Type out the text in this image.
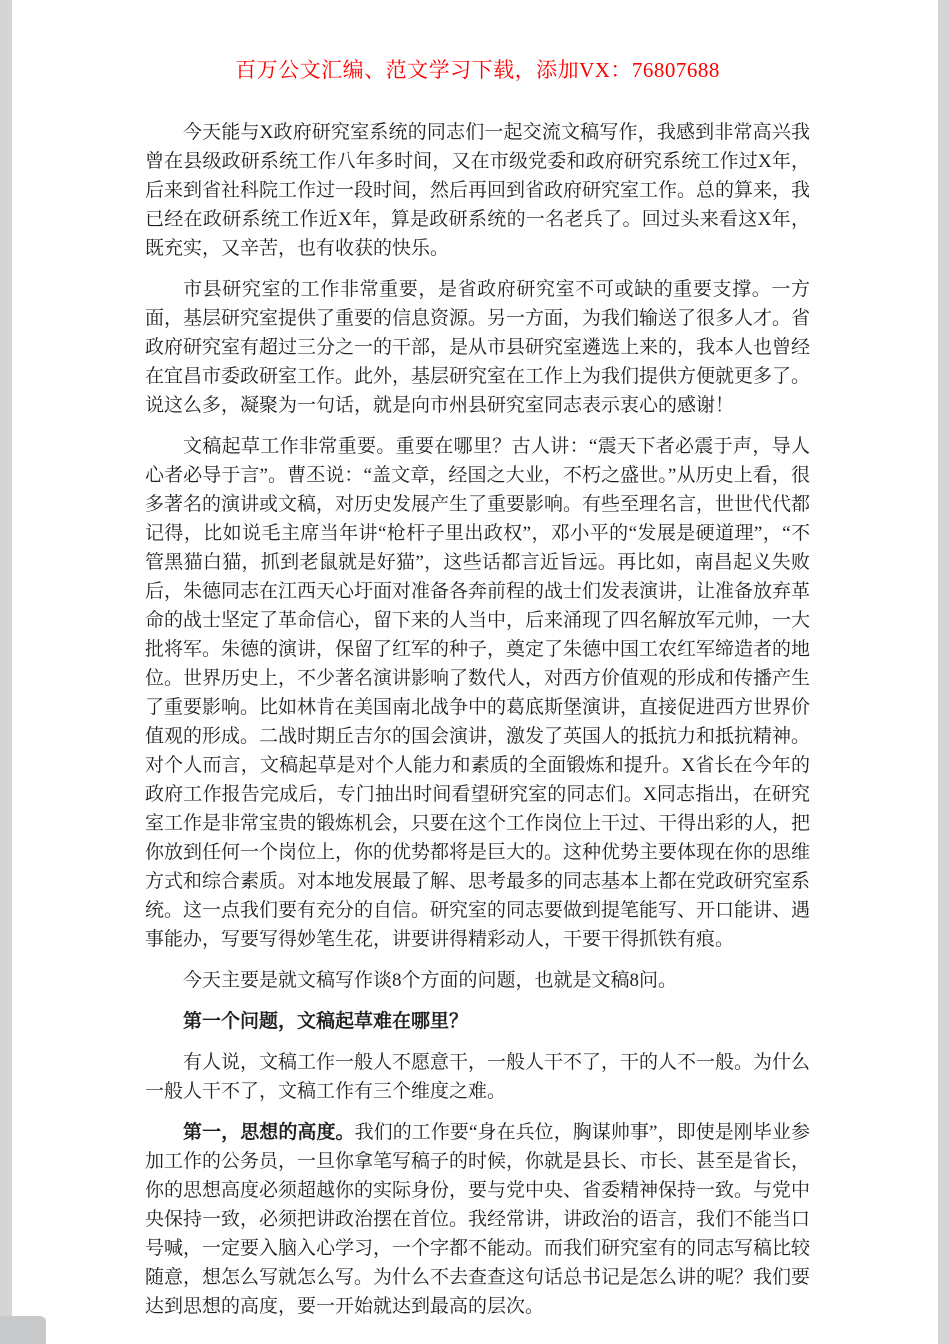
百万公文汇编、范文学习下载，添加VX：76807688

今天能与X政府研究室系统的同志们一起交流文稿写作，我感到非常高兴我曾在县级政研系统工作八年多时间，又在市级党委和政府研究系统工作过X年，后来到省社科院工作过一段时间，然后再回到省政府研究室工作。总的算来，我已经在政研系统工作近X年，算是政研系统的一名老兵了。回过头来看这X年，既充实，又辛苦，也有收获的快乐。

市县研究室的工作非常重要，是省政府研究室不可或缺的重要支撑。一方面，基层研究室提供了重要的信息资源。另一方面，为我们输送了很多人才。省政府研究室有超过三分之一的干部，是从市县研究室遴选上来的，我本人也曾经在宜昌市委政研室工作。此外，基层研究室在工作上为我们提供方便就更多了。说这么多，凝聚为一句话，就是向市州县研究室同志表示衷心的感谢！

文稿起草工作非常重要。重要在哪里？古人讲：“震天下者必震于声，导人心者必导于言”。曹丕说：“盖文章，经国之大业，不朽之盛世。”从历史上看，很多著名的演讲或文稿，对历史发展产生了重要影响。有些至理名言，世世代代都记得，比如说毛主席当年讲“枪杆子里出政权”，邓小平的“发展是硬道理”，“不管黑猫白猫，抓到老鼠就是好猫”，这些话都言近旨远。再比如，南昌起义失败后，朱德同志在江西天心圩面对准备各奔前程的战士们发表演讲，让准备放弃革命的战士坚定了革命信心，留下来的人当中，后来涌现了四名解放军元帅，一大批将军。朱德的演讲，保留了红军的种子，奠定了朱德中国工农红军缔造者的地位。世界历史上，不少著名演讲影响了数代人，对西方价值观的形成和传播产生了重要影响。比如林肯在美国南北战争中的葛底斯堡演讲，直接促进西方世界价值观的形成。二战时期丘吉尔的国会演讲，激发了英国人的抵抗力和抵抗精神。对个人而言，文稿起草是对个人能力和素质的全面锻炼和提升。X省长在今年的政府工作报告完成后，专门抽出时间看望研究室的同志们。X同志指出，在研究室工作是非常宝贵的锻炼机会，只要在这个工作岗位上干过、干得出彩的人，把你放到任何一个岗位上，你的优势都将是巨大的。这种优势主要体现在你的思维方式和综合素质。对本地发展最了解、思考最多的同志基本上都在党政研究室系统。这一点我们要有充分的自信。研究室的同志要做到提笔能写、开口能讲、遇事能办，写要写得妙笔生花，讲要讲得精彩动人，干要干得抓铁有痕。

今天主要是就文稿写作谈8个方面的问题，也就是文稿8问。

第一个问题，文稿起草难在哪里？

有人说，文稿工作一般人不愿意干，一般人干不了，干的人不一般。为什么一般人干不了，文稿工作有三个维度之难。

第一，思想的高度。我们的工作要“身在兵位，胸谋帅事”，即使是刚毕业参加工作的公务员，一旦你拿笔写稿子的时候，你就是县长、市长、甚至是省长，你的思想高度必须超越你的实际身份，要与党中央、省委精神保持一致。与党中央保持一致，必须把讲政治摆在首位。我经常讲，讲政治的语言，我们不能当口号喊，一定要入脑入心学习，一个字都不能动。而我们研究室有的同志写稿比较随意，想怎么写就怎么写。为什么不去查查这句话总书记是怎么讲的呢？我们要达到思想的高度，要一开始就达到最高的层次。
